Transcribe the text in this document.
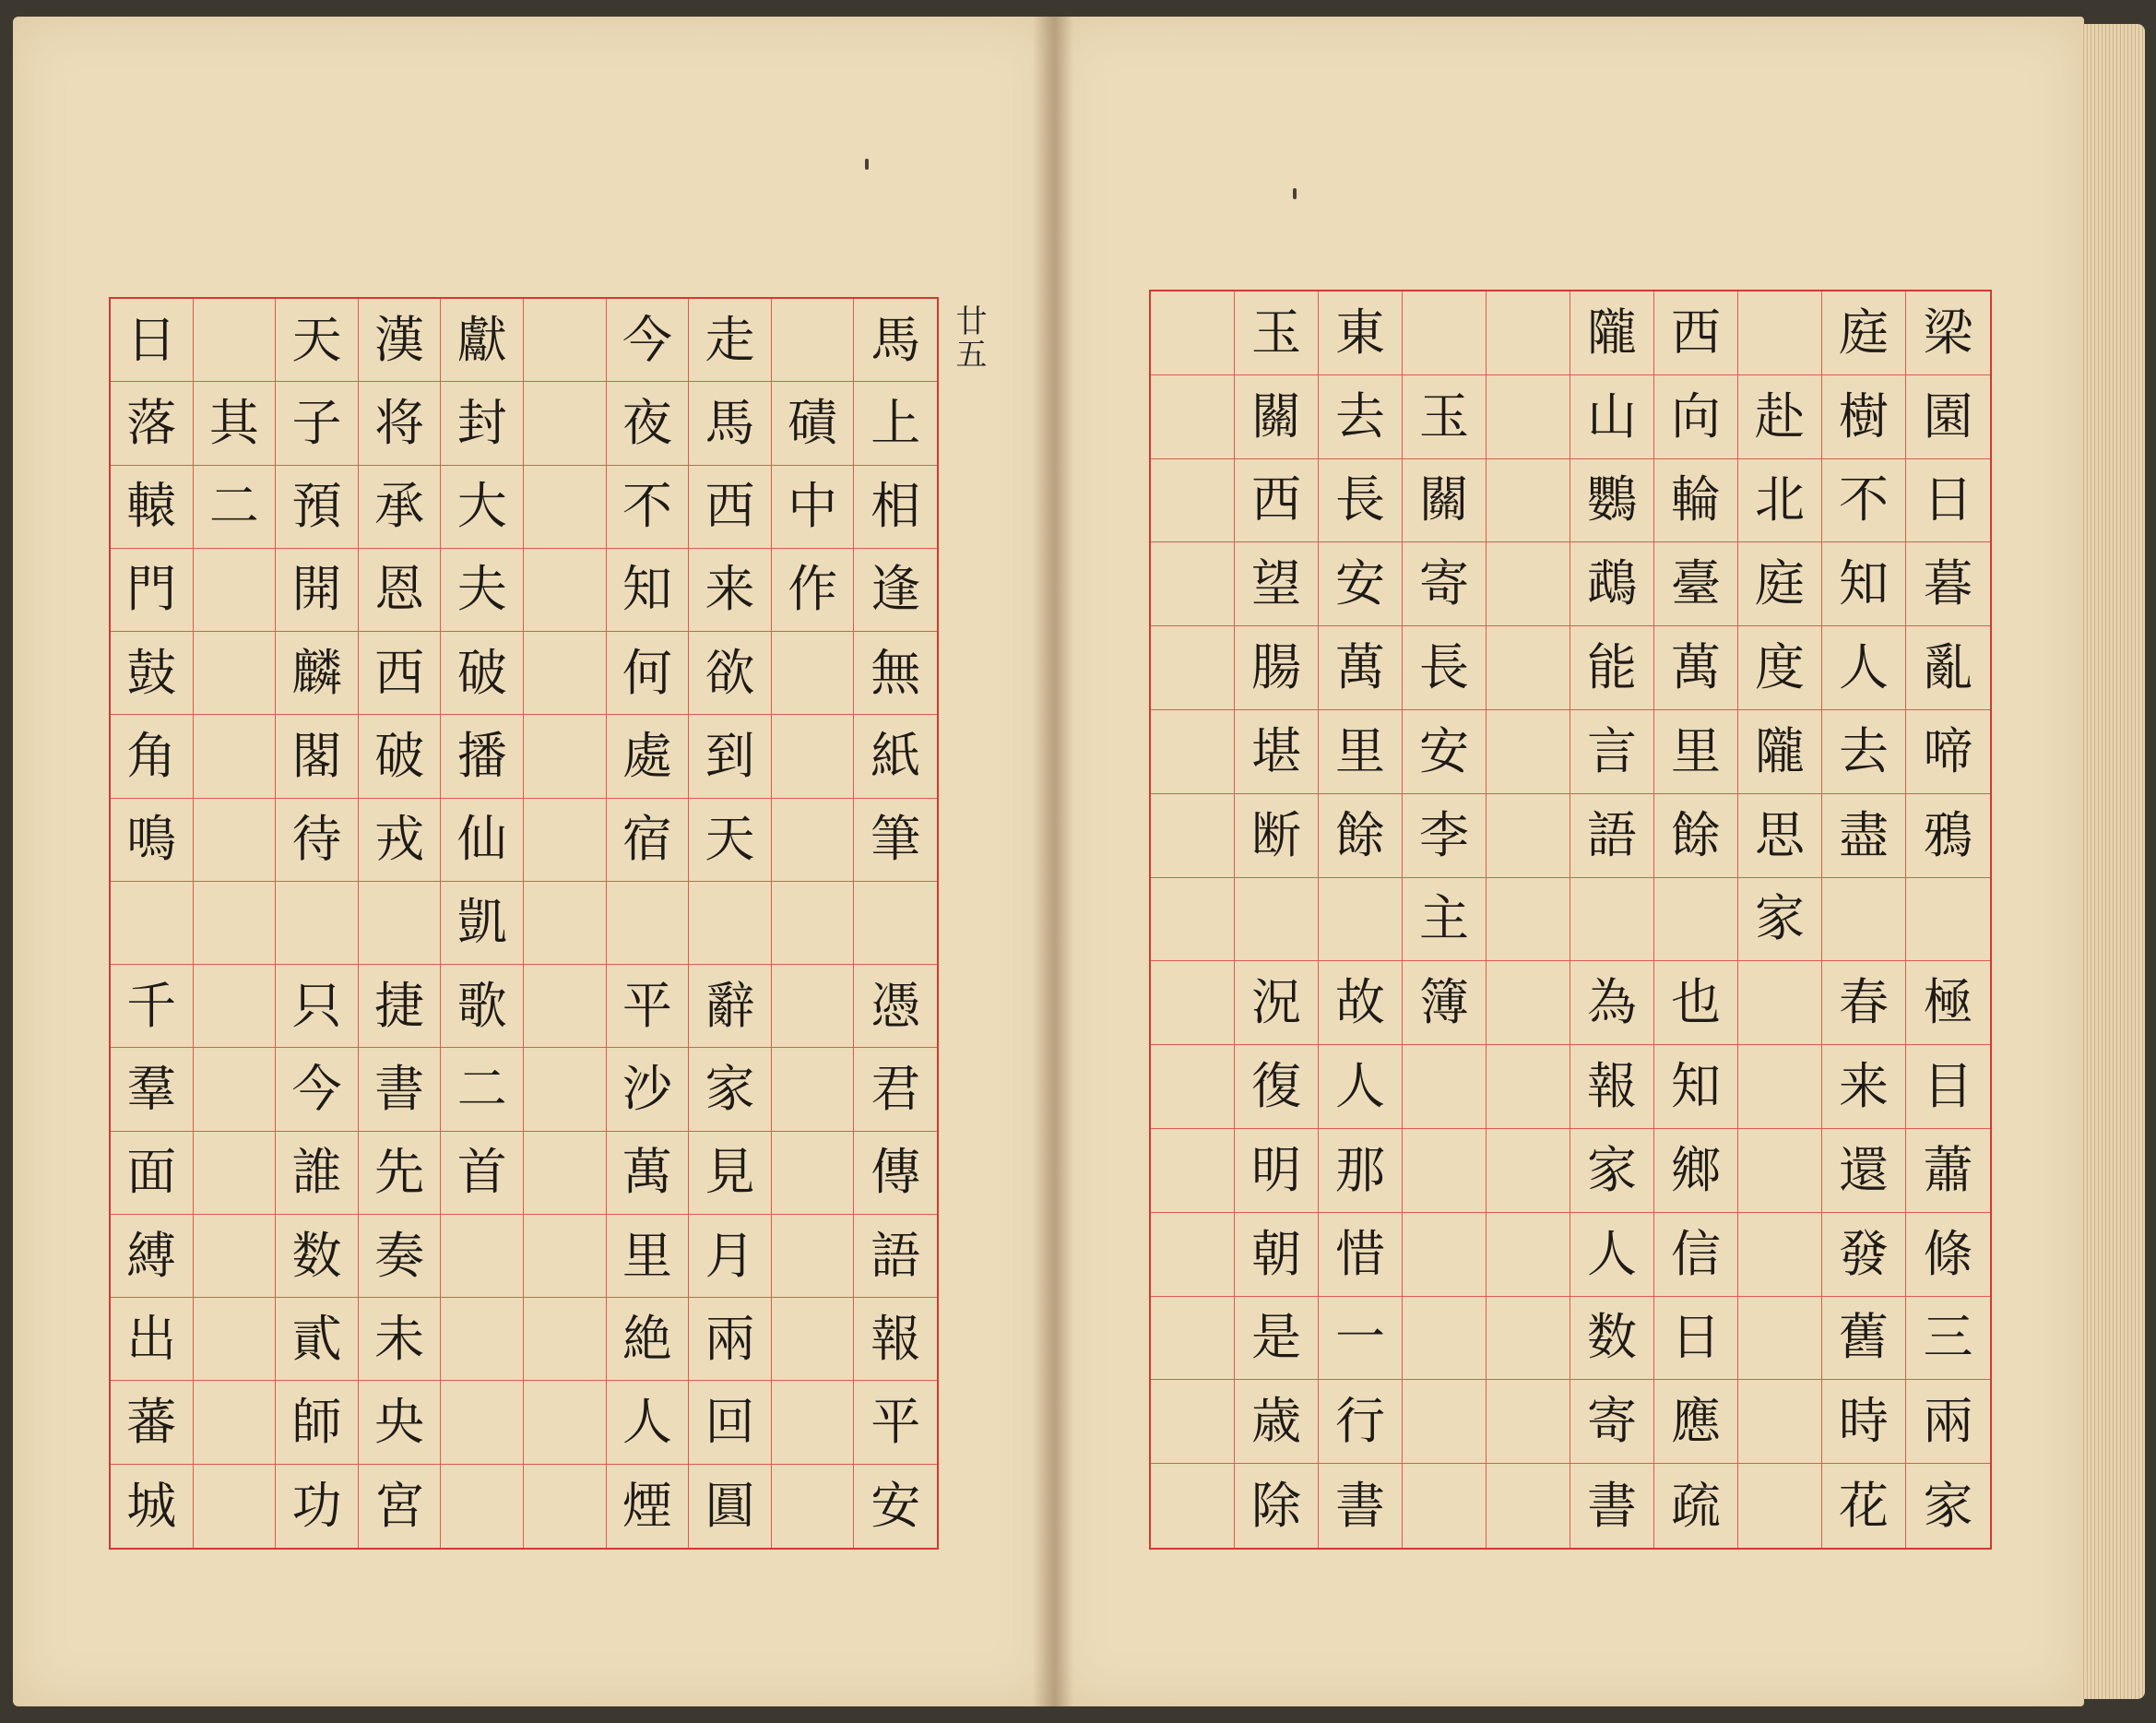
廿五
日
落
轅
門
鼓
角
鳴
千
羣
面
縛
出
蕃
城
其
二
天
子
預
開
麟
閣
待
只
今
誰
数
貳
師
功
漢
将
承
恩
西
破
戎
捷
書
先
奏
未
央
宮
獻
封
大
夫
破
播
仙
凱
歌
二
首
今
夜
不
知
何
處
宿
平
沙
萬
里
絶
人
煙
走
馬
西
来
欲
到
天
辭
家
見
月
兩
回
圓
磧
中
作
馬
上
相
逢
無
紙
筆
憑
君
傳
語
報
平
安
玉
關
西
望
腸
堪
断
況
復
明
朝
是
歳
除
東
去
長
安
萬
里
餘
故
人
那
惜
一
行
書
玉
關
寄
長
安
李
主
簿
隴
山
鸚
鵡
能
言
語
為
報
家
人
数
寄
書
西
向
輪
臺
萬
里
餘
也
知
鄉
信
日
應
疏
赴
北
庭
度
隴
思
家
庭
樹
不
知
人
去
盡
春
来
還
發
舊
時
花
梁
園
日
暮
亂
啼
鴉
極
目
蕭
條
三
兩
家
